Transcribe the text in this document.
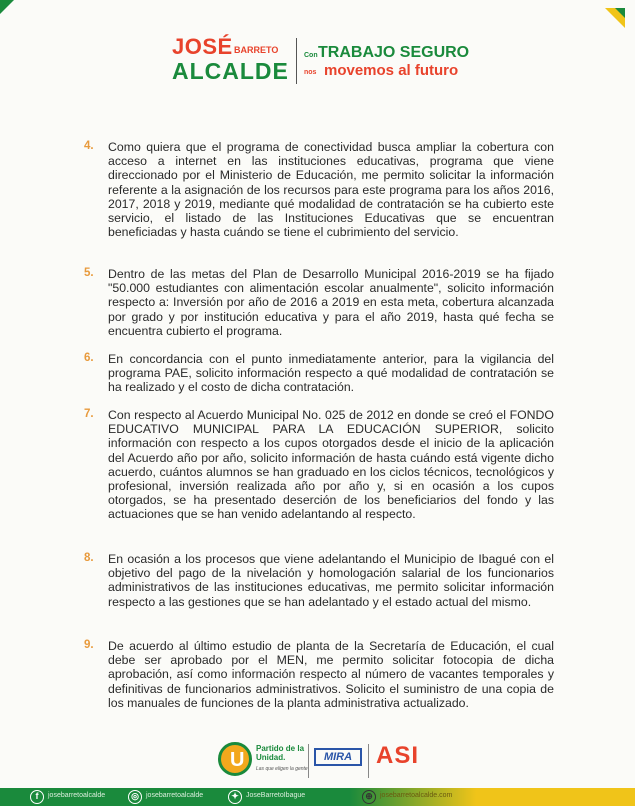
JOSÉ BARRETO
ALCALDE
Con TRABAJO SEGURO
nos movemos al futuro
4. Como quiera que el programa de conectividad busca ampliar la cobertura con acceso a internet en las instituciones educativas, programa que viene direccionado por el Ministerio de Educación, me permito solicitar la información referente a la asignación de los recursos para este programa para los años 2016, 2017, 2018 y 2019, mediante qué modalidad de contratación se ha cubierto este servicio, el listado de las Instituciones Educativas que se encuentran beneficiadas y hasta cuándo se tiene el cubrimiento del servicio.
5. Dentro de las metas del Plan de Desarrollo Municipal 2016-2019 se ha fijado "50.000 estudiantes con alimentación escolar anualmente", solicito información respecto a: Inversión por año de 2016 a 2019 en esta meta, cobertura alcanzada por grado y por institución educativa y para el año 2019, hasta qué fecha se encuentra cubierto el programa.
6. En concordancia con el punto inmediatamente anterior, para la vigilancia del programa PAE, solicito información respecto a qué modalidad de contratación se ha realizado y el costo de dicha contratación.
7. Con respecto al Acuerdo Municipal No. 025 de 2012 en donde se creó el FONDO EDUCATIVO MUNICIPAL PARA LA EDUCACIÓN SUPERIOR, solicito información con respecto a los cupos otorgados desde el inicio de la aplicación del Acuerdo año por año, solicito información de hasta cuándo está vigente dicho acuerdo, cuántos alumnos se han graduado en los ciclos técnicos, tecnológicos y profesional, inversión realizada año por año y, si en ocasión a los cupos otorgados, se ha presentado deserción de los beneficiarios del fondo y las actuaciones que se han venido adelantando al respecto.
8. En ocasión a los procesos que viene adelantando el Municipio de Ibagué con el objetivo del pago de la nivelación y homologación salarial de los funcionarios administrativos de las instituciones educativas, me permito solicitar información respecto a las gestiones que se han adelantado y el estado actual del mismo.
9. De acuerdo al último estudio de planta de la Secretaría de Educación, el cual debe ser aprobado por el MEN, me permito solicitar fotocopia de dicha aprobación, así como información respecto al número de vacantes temporales y definitivas de funcionarios administrativos. Solicito el suministro de una copia de los manuales de funciones de la planta administrativa actualizado.
U
Partido de la Unidad.
Las que eligen la gente
MIRA ASI
f	josebarretoalcalde	◎	josebarretoalcalde	✦	JoseBarretoIbague	⊕	josebarretoalcalde.com
